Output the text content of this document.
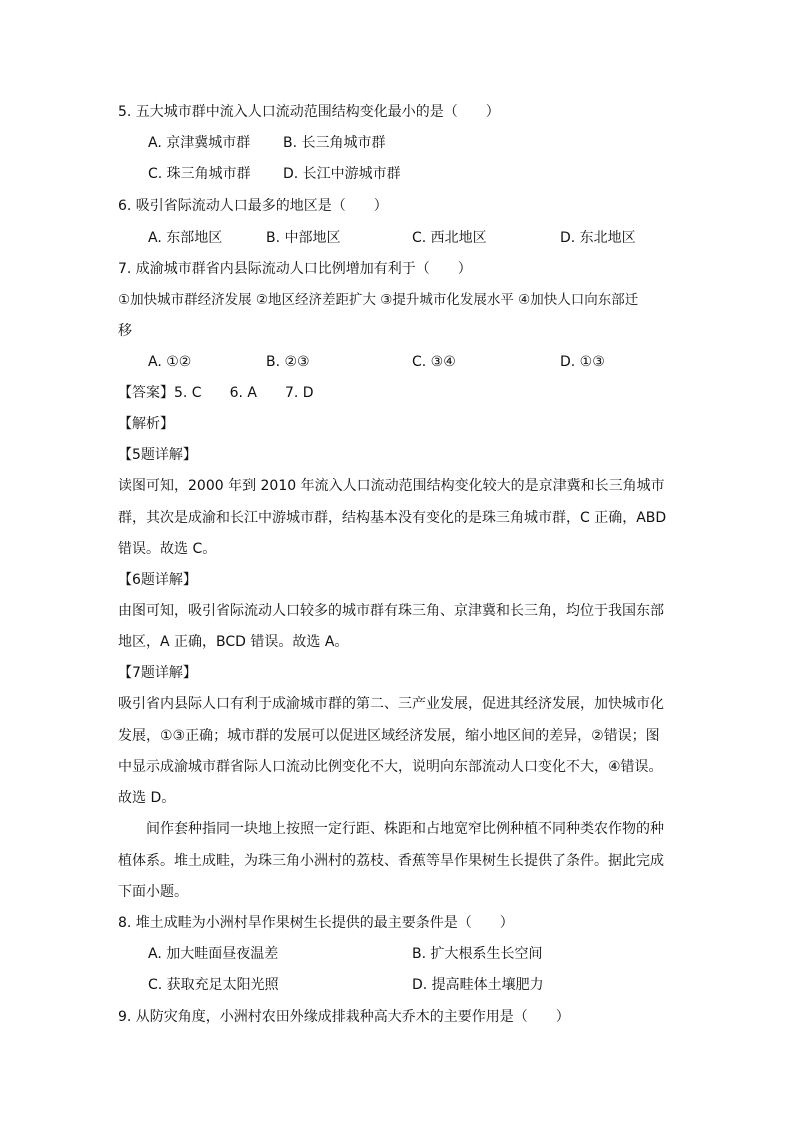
5. 五大城市群中流入人口流动范围结构变化最小的是（　　）
A. 京津冀城市群 B. 长三角城市群
C. 珠三角城市群 D. 长江中游城市群
6. 吸引省际流动人口最多的地区是（　　）
A. 东部地区	B. 中部地区	C. 西北地区	D. 东北地区
7. 成渝城市群省内县际流动人口比例增加有利于（　　）
①加快城市群经济发展 ②地区经济差距扩大 ③提升城市化发展水平 ④加快人口向东部迁
移
A. ①②	B. ②③	C. ③④	D. ①③
【答案】5. C　　6. A　　7. D
【解析】
【5题详解】
读图可知，2000 年到 2010 年流入人口流动范围结构变化较大的是京津冀和长三角城市
群，其次是成渝和长江中游城市群，结构基本没有变化的是珠三角城市群，C 正确，ABD
错误。故选 C。
【6题详解】
由图可知，吸引省际流动人口较多的城市群有珠三角、京津冀和长三角，均位于我国东部
地区，A 正确，BCD 错误。故选 A。
【7题详解】
吸引省内县际人口有利于成渝城市群的第二、三产业发展，促进其经济发展，加快城市化
发展，①③正确；城市群的发展可以促进区域经济发展，缩小地区间的差异，②错误；图
中显示成渝城市群省际人口流动比例变化不大，说明向东部流动人口变化不大，④错误。
故选 D。
间作套种指同一块地上按照一定行距、株距和占地宽窄比例种植不同种类农作物的种
植体系。堆土成畦，为珠三角小洲村的荔枝、香蕉等旱作果树生长提供了条件。据此完成
下面小题。
8. 堆土成畦为小洲村旱作果树生长提供的最主要条件是（　　）
A. 加大畦面昼夜温差	B. 扩大根系生长空间
C. 获取充足太阳光照	D. 提高畦体土壤肥力
9. 从防灾角度，小洲村农田外缘成排栽种高大乔木的主要作用是（　　）
